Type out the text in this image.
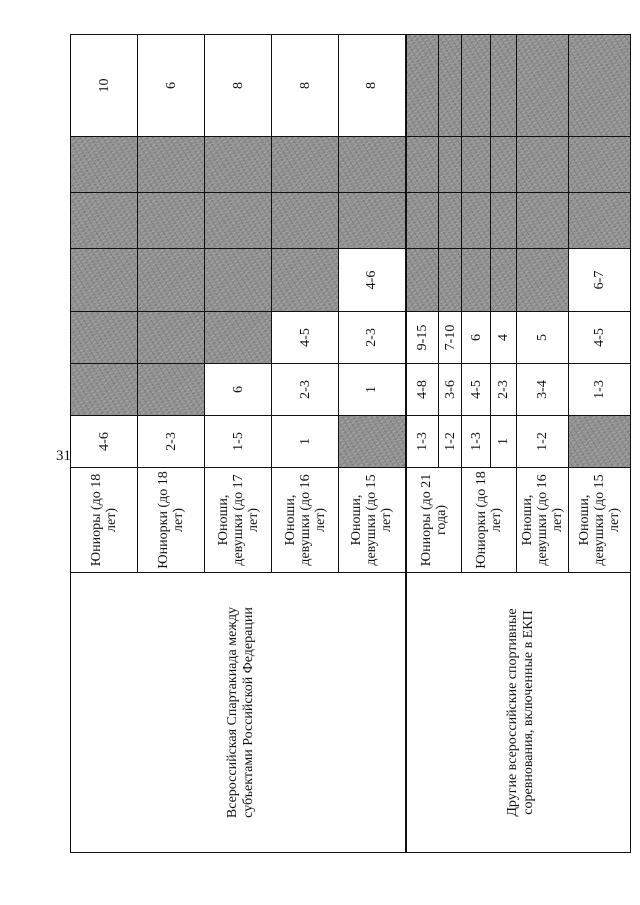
31
Всероссийская Спартакиада между субъектами Российской Федерации	Юниоры (до 18 лет)	4-6						10	
	Юниорки (до 18 лет)	2-3						6	
	Юноши, девушки (до 17 лет)	1-5	6					8	
	Юноши, девушки (до 16 лет)	1	2-3	4-5				8	
	Юноши, девушки (до 15 лет)		1	2-3	4-6			8	
Другие всероссийские спортивные соревнования, включенные в ЕКП	Юниоры (до 21 года)	1-3	4-8	9-15					
		1-2	3-6	7-10					
	Юниорки (до 18 лет)	1-3	4-5	6					
		1	2-3	4					
	Юноши, девушки (до 16 лет)	1-2	3-4	5					
	Юноши, девушки (до 15 лет)		1-3	4-5	6-7				
